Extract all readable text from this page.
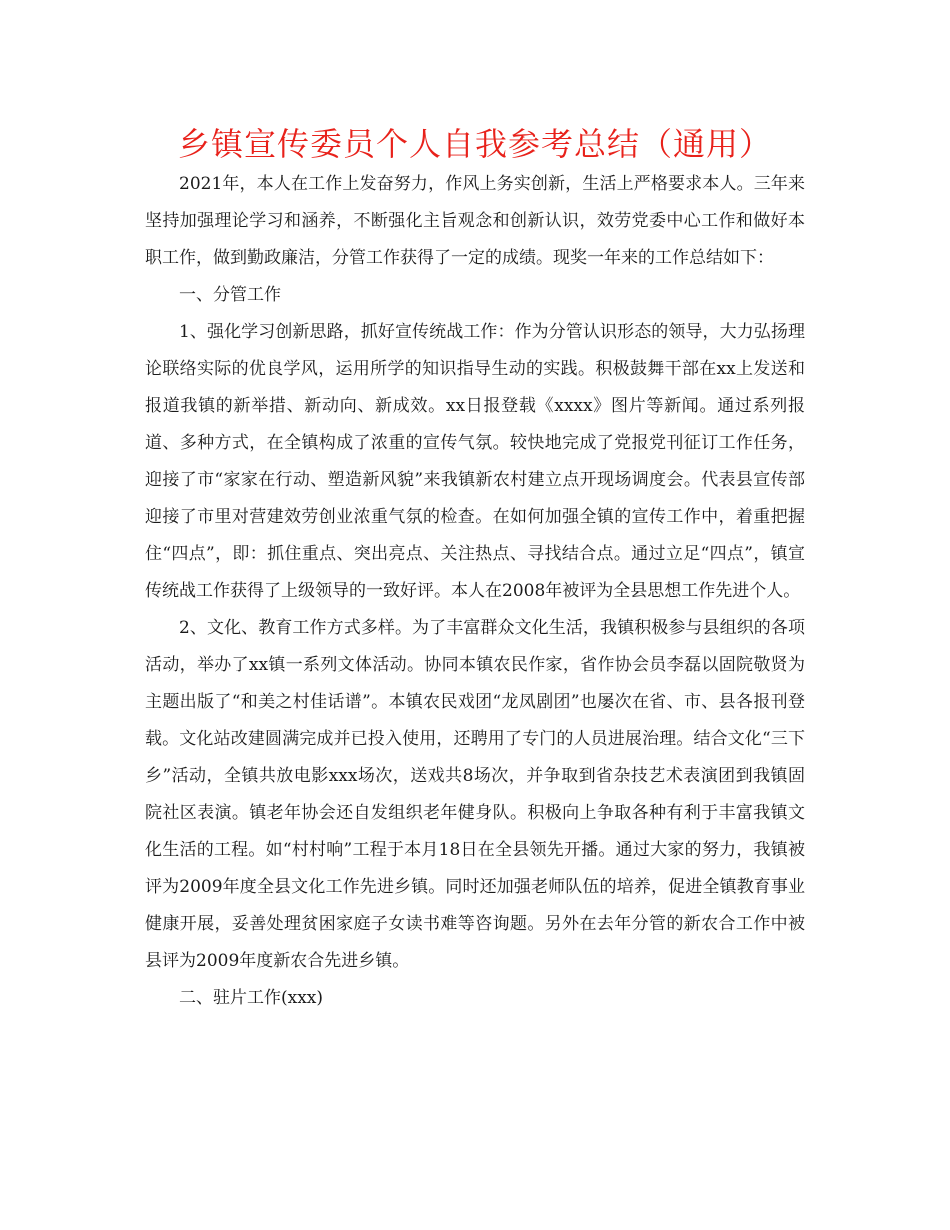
乡镇宣传委员个人自我参考总结（通用）

2021年，本人在工作上发奋努力，作风上务实创新，生活上严格要求本人。三年来坚持加强理论学习和涵养，不断强化主旨观念和创新认识，效劳党委中心工作和做好本职工作，做到勤政廉洁，分管工作获得了一定的成绩。现奖一年来的工作总结如下：

一、分管工作

1、强化学习创新思路，抓好宣传统战工作：作为分管认识形态的领导，大力弘扬理论联络实际的优良学风，运用所学的知识指导生动的实践。积极鼓舞干部在xx上发送和报道我镇的新举措、新动向、新成效。xx日报登载《xxxx》图片等新闻。通过系列报道、多种方式，在全镇构成了浓重的宣传气氛。较快地完成了党报党刊征订工作任务，迎接了市“家家在行动、塑造新风貌”来我镇新农村建立点开现场调度会。代表县宣传部迎接了市里对营建效劳创业浓重气氛的检查。在如何加强全镇的宣传工作中，着重把握住“四点”，即：抓住重点、突出亮点、关注热点、寻找结合点。通过立足“四点”，镇宣传统战工作获得了上级领导的一致好评。本人在2008年被评为全县思想工作先进个人。

2、文化、教育工作方式多样。为了丰富群众文化生活，我镇积极参与县组织的各项活动，举办了xx镇一系列文体活动。协同本镇农民作家，省作协会员李磊以固院敬贤为主题出版了“和美之村佳话谱”。本镇农民戏团“龙凤剧团”也屡次在省、市、县各报刊登载。文化站改建圆满完成并已投入使用，还聘用了专门的人员进展治理。结合文化“三下乡”活动，全镇共放电影xxx场次，送戏共8场次，并争取到省杂技艺术表演团到我镇固院社区表演。镇老年协会还自发组织老年健身队。积极向上争取各种有利于丰富我镇文化生活的工程。如“村村响”工程于本月18日在全县领先开播。通过大家的努力，我镇被评为2009年度全县文化工作先进乡镇。同时还加强老师队伍的培养，促进全镇教育事业健康开展，妥善处理贫困家庭子女读书难等咨询题。另外在去年分管的新农合工作中被县评为2009年度新农合先进乡镇。

二、驻片工作(xxx)
